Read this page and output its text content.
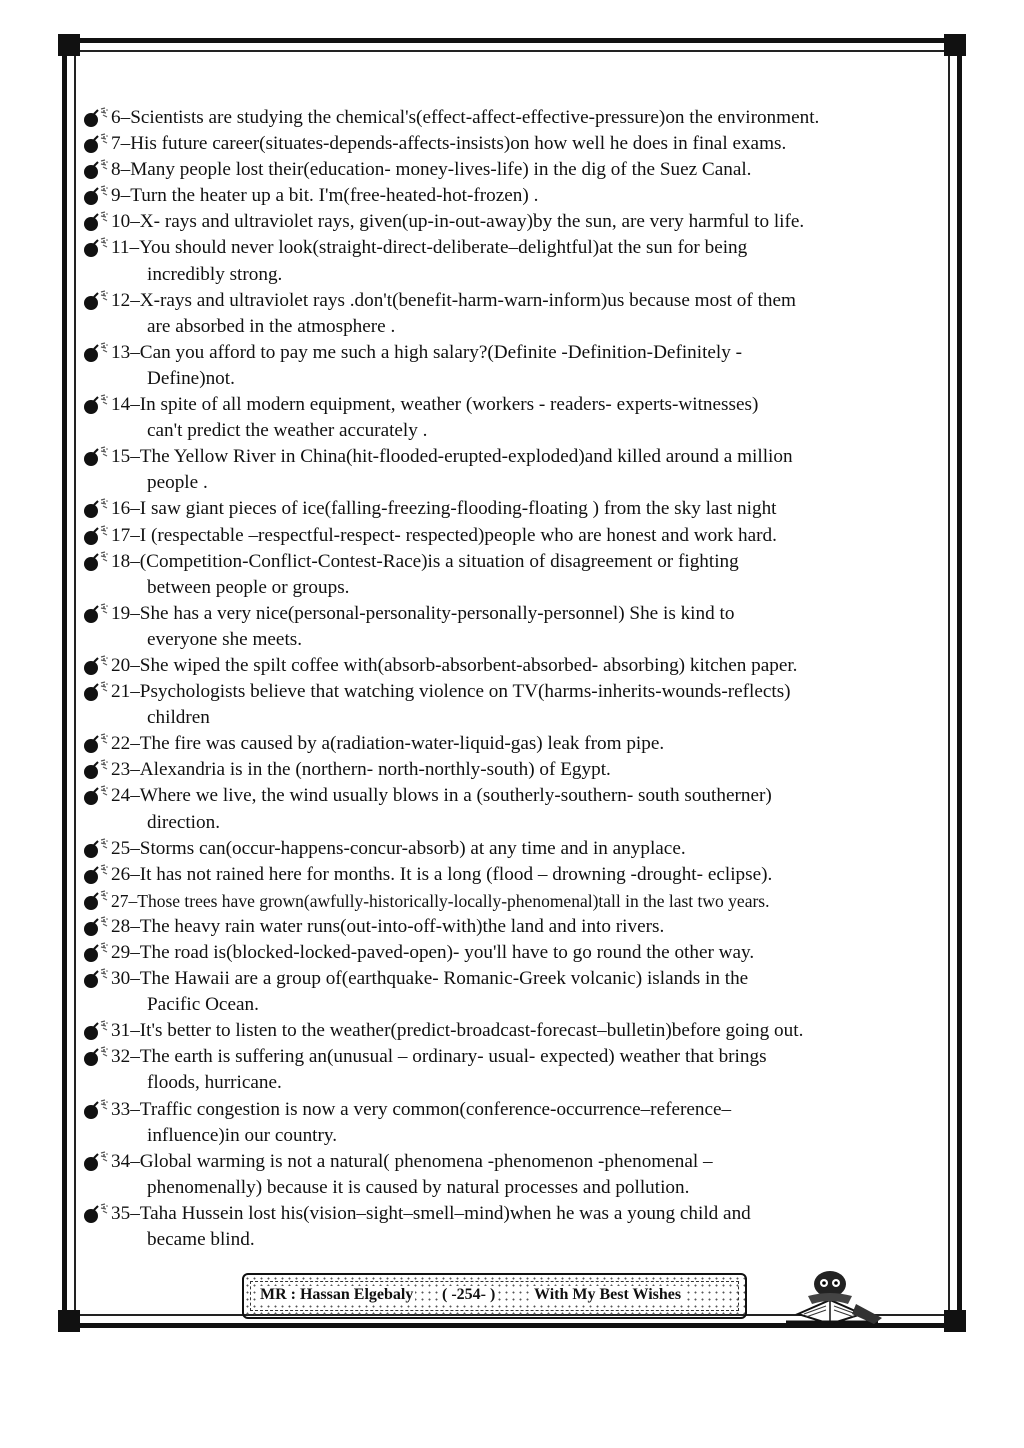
6 –Scientists are studying the chemical's(effect-affect-effective-pressure)on the environment.
7 –His future career(situates-depends-affects-insists)on how well he does in final exams.
8 –Many people lost their(education- money-lives-life) in the dig of the Suez Canal.
9 –Turn the heater up a bit. I'm(free-heated-hot-frozen) .
10 –X- rays and ultraviolet rays, given(up-in-out-away)by the sun, are very harmful to life.
11 –You should never look(straight-direct-deliberate–delightful)at the sun for being
incredibly strong.
12 –X-rays and ultraviolet rays .don't(benefit-harm-warn-inform)us because most of them
are absorbed in the atmosphere .
13 –Can you afford to pay me such a high salary?(Definite -Definition-Definitely -
Define)not.
14 –In spite of all modern equipment, weather (workers - readers- experts-witnesses)
can't predict the weather accurately .
15 –The Yellow River in China(hit-flooded-erupted-exploded)and killed around a million
people .
16 –I saw giant pieces of ice(falling-freezing-flooding-floating ) from the sky last night
17 –I (respectable –respectful-respect- respected)people who are honest and work hard.
18 –(Competition-Conflict-Contest-Race)is a situation of disagreement or fighting
between people or groups.
19 –She has a very nice(personal-personality-personally-personnel) She is kind to
everyone she meets.
20 –She wiped the spilt coffee with(absorb-absorbent-absorbed- absorbing) kitchen paper.
21 –Psychologists believe that watching violence on TV(harms-inherits-wounds-reflects)
children
22 –The fire was caused by a(radiation-water-liquid-gas) leak from pipe.
23 –Alexandria is in the (northern- north-northly-south) of Egypt.
24 –Where we live, the wind usually blows in a (southerly-southern- south southerner)
direction.
25 –Storms can(occur-happens-concur-absorb) at any time and in anyplace.
26 –It has not rained here for months. It is a long (flood – drowning -drought- eclipse).
27 –Those trees have grown(awfully-historically-locally-phenomenal)tall in the last two years.
28 –The heavy rain water runs(out-into-off-with)the land and into rivers.
29 –The road is(blocked-locked-paved-open)- you'll have to go round the other way.
30 –The Hawaii are a group of(earthquake- Romanic-Greek volcanic) islands in the
Pacific Ocean.
31 –It's better to listen to the weather(predict-broadcast-forecast–bulletin)before going out.
32 –The earth is suffering an(unusual – ordinary- usual- expected) weather that brings
floods, hurricane.
33 –Traffic congestion is now a very common(conference-occurrence–reference–
influence)in our country.
34 –Global warming is not a natural( phenomena -phenomenon -phenomenal –
phenomenally) because it is caused by natural processes and pollution.
35 –Taha Hussein lost his(vision–sight–smell–mind)when he was a young child and
became blind.
MR : Hassan Elgebaly ( -254- ) With My Best Wishes
